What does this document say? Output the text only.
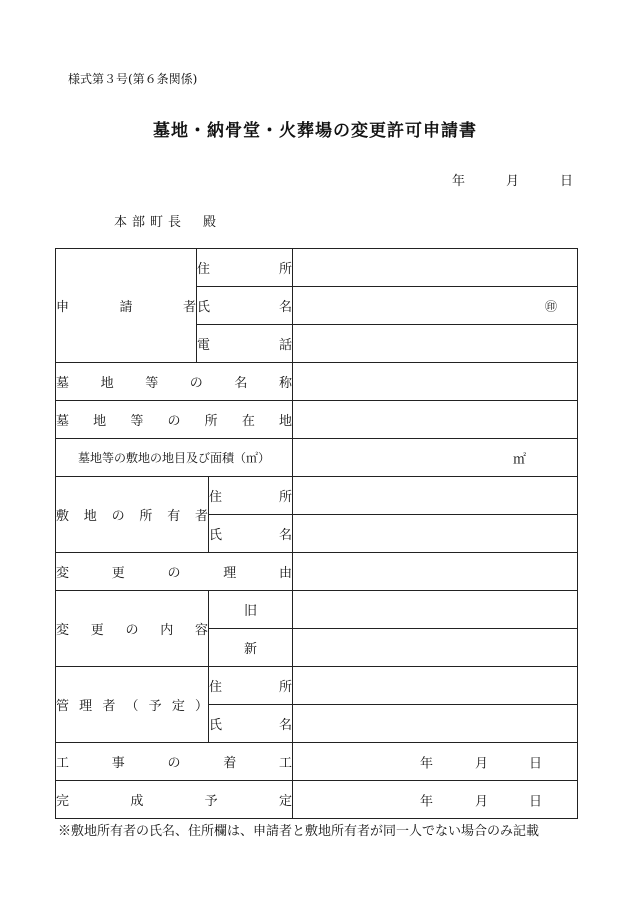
様式第３号(第６条関係)
墓地・納骨堂・火葬場の変更許可申請書
年	月	日
本部町長 殿
申請者	住所		
	氏名		㊞

	電話		
墓地等の名称			
墓地等の所在地			
墓地等の敷地の地目及び面積（㎡）			㎡

敷地の所有者		住所	
		氏名	
変更の理由			
変更の内容		旧	
		新	
管理者（予定）		住所	
		氏名	
工事の着工			年 月 日

完成予定			年 月 日
※敷地所有者の氏名、住所欄は、申請者と敷地所有者が同一人でない場合のみ記載
